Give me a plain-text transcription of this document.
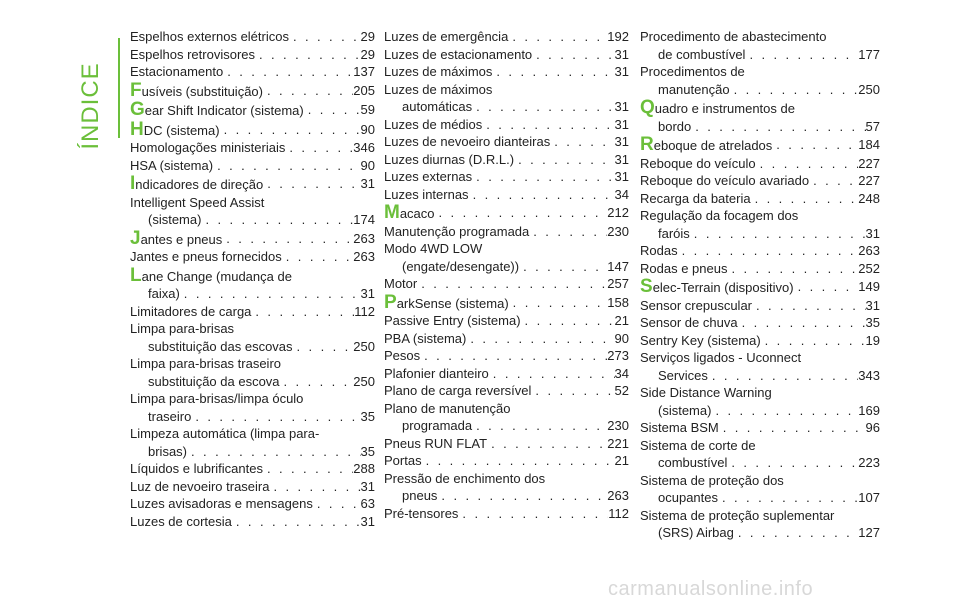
ÍNDICE
Espelhos externos elétricos . . .	29
Espelhos retrovisores . . .	29
Estacionamento . . .	137
Fusíveis (substituição) . . .	205
Gear Shift Indicator (sistema) . . .	59
HDC (sistema) . . .	90
Homologações ministeriais . . .	346
HSA (sistema) . . .	90
Indicadores de direção . . .	31
Intelligent Speed Assist
(sistema) . . .	174
Jantes e pneus . . .	263
Jantes e pneus fornecidos . . .	263
Lane Change (mudança de
faixa) . . .	31
Limitadores de carga . . .	112
Limpa para-brisas
substituição das escovas . . .	250
Limpa para-brisas traseiro
substituição da escova . . .	250
Limpa para-brisas/limpa óculo
traseiro . . .	35
Limpeza automática (limpa para-
brisas) . . .	35
Líquidos e lubrificantes . . .	288
Luz de nevoeiro traseira . . .	31
Luzes avisadoras e mensagens . . .	63
Luzes de cortesia . . .	31
Luzes de emergência . . .	192
Luzes de estacionamento . . .	31
Luzes de máximos . . .	31
Luzes de máximos
automáticas . . .	31
Luzes de médios . . .	31
Luzes de nevoeiro dianteiras . . .	31
Luzes diurnas (D.R.L.) . . .	31
Luzes externas . . .	31
Luzes internas . . .	34
Macaco . . .	212
Manutenção programada . . .	230
Modo 4WD LOW
(engate/desengate)) . . .	147
Motor . . .	257
ParkSense (sistema) . . .	158
Passive Entry (sistema) . . .	21
PBA (sistema) . . .	90
Pesos . . .	273
Plafonier dianteiro . . .	34
Plano de carga reversível . . .	52
Plano de manutenção
programada . . .	230
Pneus RUN FLAT . . .	221
Portas . . .	21
Pressão de enchimento dos
pneus . . .	263
Pré-tensores . . .	112
Procedimento de abastecimento
de combustível . . .	177
Procedimentos de
manutenção . . .	250
Quadro e instrumentos de
bordo . . .	57
Reboque de atrelados . . .	184
Reboque do veículo . . .	227
Reboque do veículo avariado . . .	227
Recarga da bateria . . .	248
Regulação da focagem dos
faróis . . .	31
Rodas . . .	263
Rodas e pneus . . .	252
Selec-Terrain (dispositivo) . . .	149
Sensor crepuscular . . .	31
Sensor de chuva . . .	35
Sentry Key (sistema) . . .	19
Serviços ligados - Uconnect
Services . . .	343
Side Distance Warning
(sistema) . . .	169
Sistema BSM . . .	96
Sistema de corte de
combustível . . .	223
Sistema de proteção dos
ocupantes . . .	107
Sistema de proteção suplementar
(SRS) Airbag . . .	127
carmanualsonline.info
